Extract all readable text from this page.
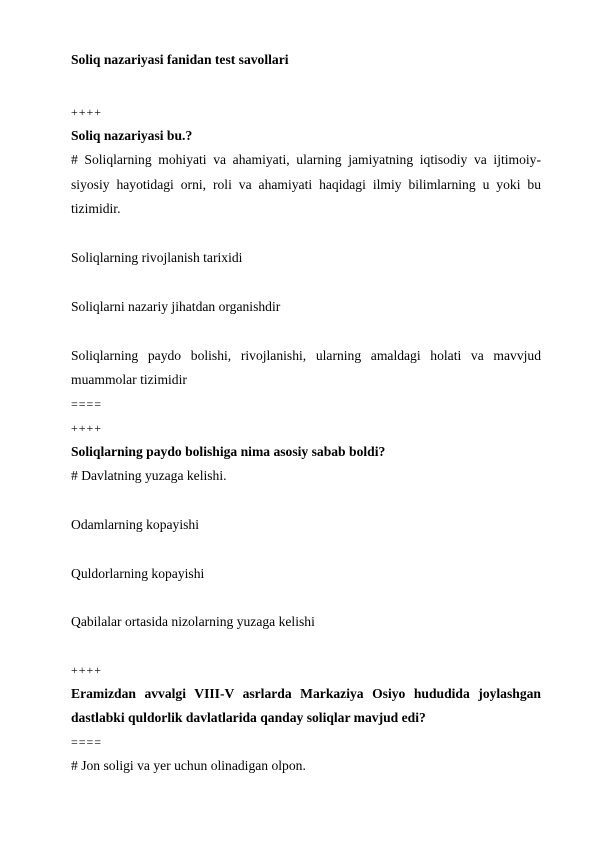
Soliq nazariyasi fanidan test savollari
++++
Soliq nazariyasi bu.?
# Soliqlarning mohiyati va ahamiyati, ularning jamiyatning iqtisodiy va ijtimoiy-
siyosiy hayotidagi orni, roli va ahamiyati haqidagi ilmiy bilimlarning u yoki bu
tizimidir.
Soliqlarning rivojlanish tarixidi
Soliqlarni nazariy jihatdan organishdir
Soliqlarning paydo bolishi, rivojlanishi, ularning amaldagi holati va mavvjud
muammolar tizimidir
====
++++
Soliqlarning paydo bolishiga nima asosiy sabab boldi?
# Davlatning yuzaga kelishi.
Odamlarning kopayishi
Quldorlarning kopayishi
Qabilalar ortasida nizolarning yuzaga kelishi
++++
Eramizdan avvalgi VIII-V asrlarda Markaziya Osiyo hududida joylashgan
dastlabki quldorlik davlatlarida qanday soliqlar mavjud edi?
====
# Jon soligi va yer uchun olinadigan olpon.
